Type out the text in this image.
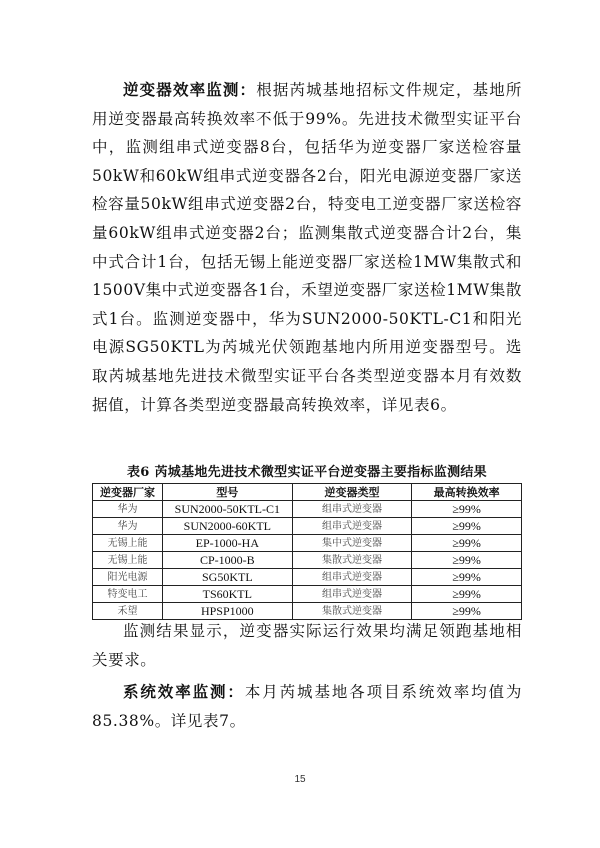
逆变器效率监测：根据芮城基地招标文件规定，基地所用逆变器最高转换效率不低于99%。先进技术微型实证平台中，监测组串式逆变器8台，包括华为逆变器厂家送检容量50kW和60kW组串式逆变器各2台，阳光电源逆变器厂家送检容量50kW组串式逆变器2台，特变电工逆变器厂家送检容量60kW组串式逆变器2台；监测集散式逆变器合计2台，集中式合计1台，包括无锡上能逆变器厂家送检1MW集散式和1500V集中式逆变器各1台，禾望逆变器厂家送检1MW集散式1台。监测逆变器中，华为SUN2000-50KTL-C1和阳光电源SG50KTL为芮城光伏领跑基地内所用逆变器型号。选取芮城基地先进技术微型实证平台各类型逆变器本月有效数据值，计算各类型逆变器最高转换效率，详见表6。
表6 芮城基地先进技术微型实证平台逆变器主要指标监测结果
逆变器厂家	型号	逆变器类型	最高转换效率
华为	SUN2000-50KTL-C1	组串式逆变器	≥99%
华为	SUN2000-60KTL	组串式逆变器	≥99%
无锡上能	EP-1000-HA	集中式逆变器	≥99%
无锡上能	CP-1000-B	集散式逆变器	≥99%
阳光电源	SG50KTL	组串式逆变器	≥99%
特变电工	TS60KTL	组串式逆变器	≥99%
禾望	HPSP1000	集散式逆变器	≥99%
监测结果显示，逆变器实际运行效果均满足领跑基地相关要求。
系统效率监测：本月芮城基地各项目系统效率均值为85.38%。详见表7。
15
